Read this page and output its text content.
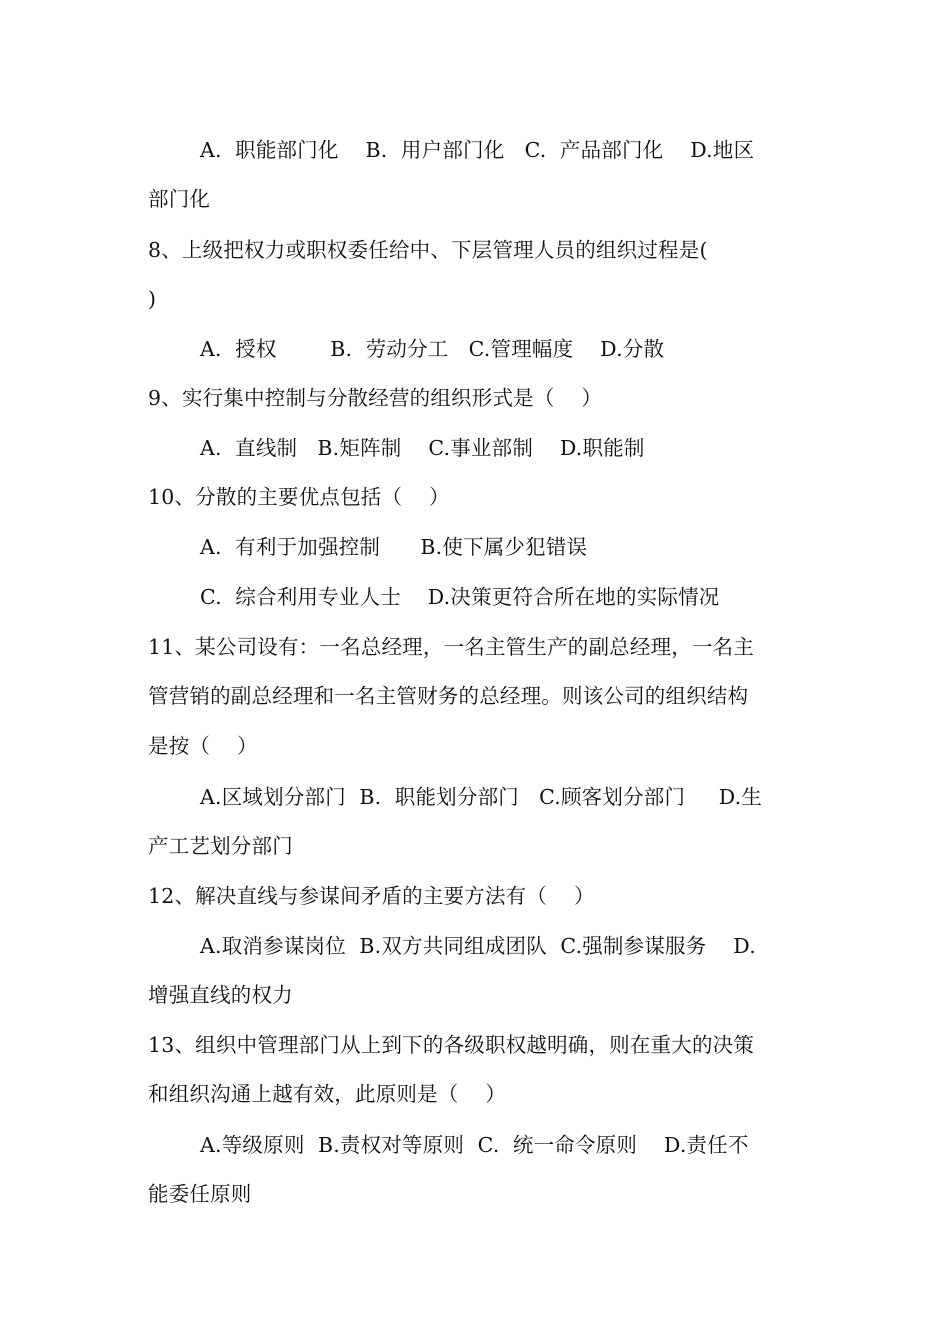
A.  职能部门化    B.  用户部门化   C.  产品部门化    D.地区
部门化
8、上级把权力或职权委任给中、下层管理人员的组织过程是(
)
A.  授权        B.  劳动分工   C.管理幅度    D.分散
9、实行集中控制与分散经营的组织形式是（    ）
A.  直线制   B.矩阵制    C.事业部制    D.职能制
10、分散的主要优点包括（    ）
A.  有利于加强控制      B.使下属少犯错误
C.  综合利用专业人士    D.决策更符合所在地的实际情况
11、某公司设有：一名总经理，一名主管生产的副总经理，一名主
管营销的副总经理和一名主管财务的总经理。则该公司的组织结构
是按（    ）
A.区域划分部门  B.  职能划分部门   C.顾客划分部门     D.生
产工艺划分部门
12、解决直线与参谋间矛盾的主要方法有（    ）
A.取消参谋岗位  B.双方共同组成团队  C.强制参谋服务    D.
增强直线的权力
13、组织中管理部门从上到下的各级职权越明确，则在重大的决策
和组织沟通上越有效，此原则是（    ）
A.等级原则  B.责权对等原则  C.  统一命令原则    D.责任不
能委任原则
